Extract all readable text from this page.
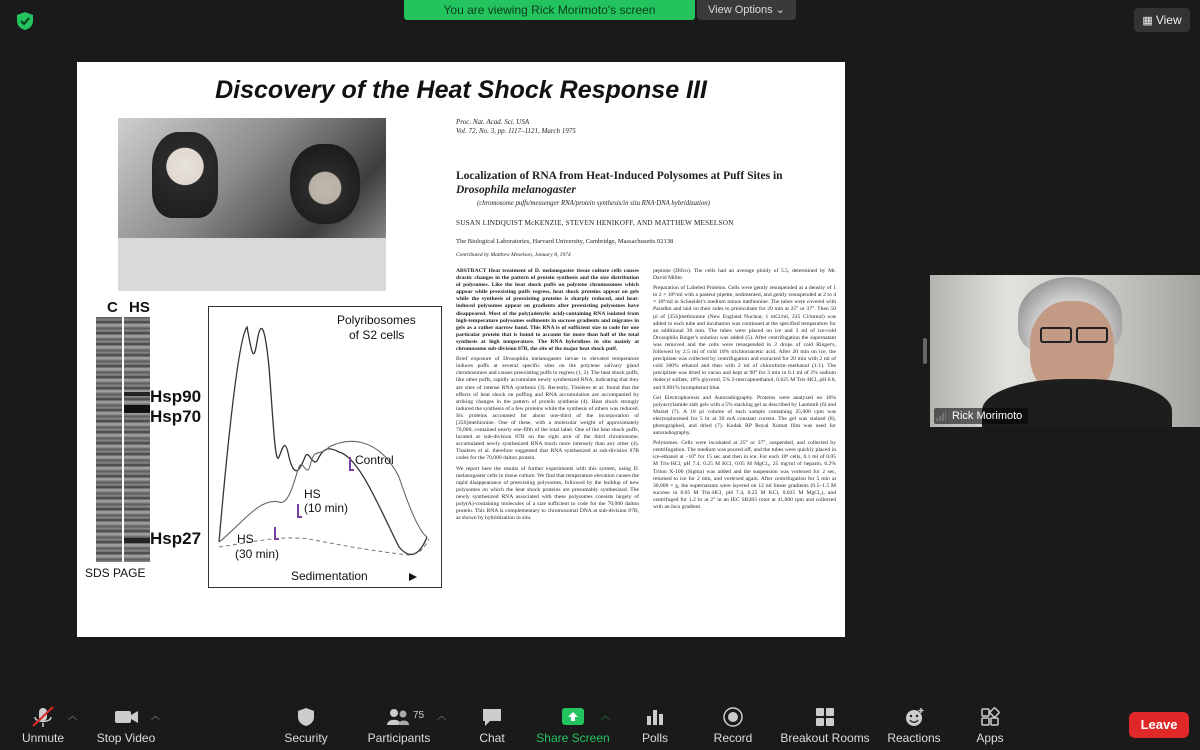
You are viewing Rick Morimoto's screen	View Options ⌄
▦ View
Discovery of the Heat Shock Response III
C HS
Hsp90
Hsp70
Hsp27
SDS PAGE
Polyribosomes
of S2 cells
Control
HS
(10 min)
HS
(30 min)
Sedimentation
Proc. Nat. Acad. Sci. USA
Vol. 72, No. 3, pp. 1117–1121, March 1975
Localization of RNA from Heat-Induced Polysomes at Puff Sites in
Drosophila melanogaster
(chromosome puffs/messenger RNA/protein synthesis/in situ RNA·DNA hybridization)
SUSAN LINDQUIST McKENZIE, STEVEN HENIKOFF, AND MATTHEW MESELSON
The Biological Laboratories, Harvard University, Cambridge, Massachusetts 02138
Contributed by Matthew Meselson, January 8, 1974

ABSTRACT Heat treatment of D. melanogaster tissue culture cells causes drastic changes in the pattern of protein synthesis and the size distribution of polysomes. Like the heat shock puffs on polytene chromosomes which appear while preexisting puffs regress, heat shock proteins appear on gels while the synthesis of preexisting proteins is sharply reduced, and heat-induced polysomes appear on gradients after preexisting polysomes have disappeared. Most of the poly(adenylic acid)-containing RNA isolated from high-temperature polysomes sediments in sucrose gradients and migrates in gels as a rather narrow band. This RNA is of sufficient size to code for one particular protein that is found to account for more than half of the total synthesis at high temperature. The RNA hybridizes in situ mainly at chromosome sub-division 87B, the site of the major heat shock puff.

Brief exposure of Drosophila melanogaster larvae to elevated temperature induces puffs at several specific sites on the polytene salivary gland chromosomes and causes preexisting puffs to regress (1, 2). The heat shock puffs, like other puffs, rapidly accumulate newly synthesized RNA, indicating that they are sites of intense RNA synthesis (3). Recently, Tissières et al. found that the effects of heat shock on puffing and RNA accumulation are accompanied by striking changes in the pattern of protein synthesis (4). Heat shock strongly induced the synthesis of a few proteins while the synthesis of others was reduced. Six proteins accounted for about one-third of the incorporation of [35S]methionine. One of these, with a molecular weight of approximately 70,000, contained nearly one-fifth of the total label. One of the heat shock puffs, located at sub-division 87B on the right arm of the third chromosome, accumulated newly synthesized RNA much more intensely than any other (4). Tissières et al. therefore suggested that RNA synthesized at sub-division 87B codes for the 70,000 dalton protein.

We report here the results of further experiments with this system, using D. melanogaster cells in tissue culture. We find that temperature elevation causes the rapid disappearance of preexisting polysomes, followed by the buildup of new polysomes on which the heat shock proteins are presumably synthesized. The newly synthesized RNA associated with these polysomes consists largely of poly(A)-containing molecules of a size sufficient to code for the 70,000 dalton protein. This RNA is complementary to chromosomal DNA at sub-division 87B, as shown by hybridization in situ.

peptone (Difco). The cells had an average ploidy of 5.5, determined by Mr. David Miller.

Preparation of Labeled Proteins. Cells were gently resuspended at a density of 1 to 2 × 10⁸/ml with a pasteur pipette, sedimented, and gently resuspended at 2 to 4 × 10⁸/ml in Schneider's medium minus methionine. The tubes were covered with Paradim and laid on their sides to preincubate for 20 min at 25° or 37°. Then 50 µl of [35S]methionine (New England Nuclear, 1 mCi/ml, 225 Ci/mmol) was added to each tube and incubation was continued at the specified temperature for an additional 30 min. The tubes were placed on ice and 3 ml of ice-cold Drosophila Ringer's solution was added (5). After centrifugation the supernatant was removed and the cells were resuspended in 2 drops of cold Ringer's, followed by 2.5 ml of cold 10% trichloroacetic acid. After 20 min on ice, the precipitate was collected by centrifugation and extracted for 20 min with 2 ml of cold 100% ethanol and then with 2 ml of chloroform–methanol (1:1). The precipitate was dried in vacuo and kept at 90° for 3 min in 0.1 ml of 2% sodium dodecyl sulfate, 10% glycerol, 5% 2-mercaptoethanol, 0.625 M Tris·HCl, pH 6.8, and 0.001% bromphenol blue.

Gel Electrophoresis and Autoradiography. Proteins were analyzed on 10% polyacrylamide slab gels with a 5% stacking gel as described by Laemmli (6) and Maizel (7). A 10 µl volume of each sample containing 25,000 cpm was electrophoresed for 5 hr at 30 mA constant current. The gel was stained (8), photographed, and dried (7). Kodak RP Royal Xomat film was used for autoradiography.

Polysomes. Cells were incubated at 25° or 37°, suspended, and collected by centrifugation. The medium was poured off, and the tubes were quickly placed in ice-ethanol at −10° for 15 sec and then in ice. For each 10⁸ cells, 0.1 ml of 0.05 M Tris·HCl, pH 7.4, 0.25 M KCl, 0.05 M MgCl₂, 25 mg/ml of heparin, 0.2% Triton X-100 (Sigma) was added and the suspension was vortexed for 2 sec, returned to ice for 2 min, and vortexed again. After centrifugation for 5 min at 30,000 × g, the supernatants were layered on 12 ml linear gradients (0.5–1.5 M sucrose in 0.05 M Tris·HCl, pH 7.4, 0.25 M KCl, 0.025 M MgCl₂), and centrifuged for 1.2 hr at 2° in an IEC SB283 rotor at 41,000 rpm and collected with an Isco gradient

Rick Morimoto
Unmute
︿
Stop Video
︿
Security
75
Participants
︿
Chat	Share Screen
︿
Polls	Record	Breakout Rooms Reactions	Apps
Leave
